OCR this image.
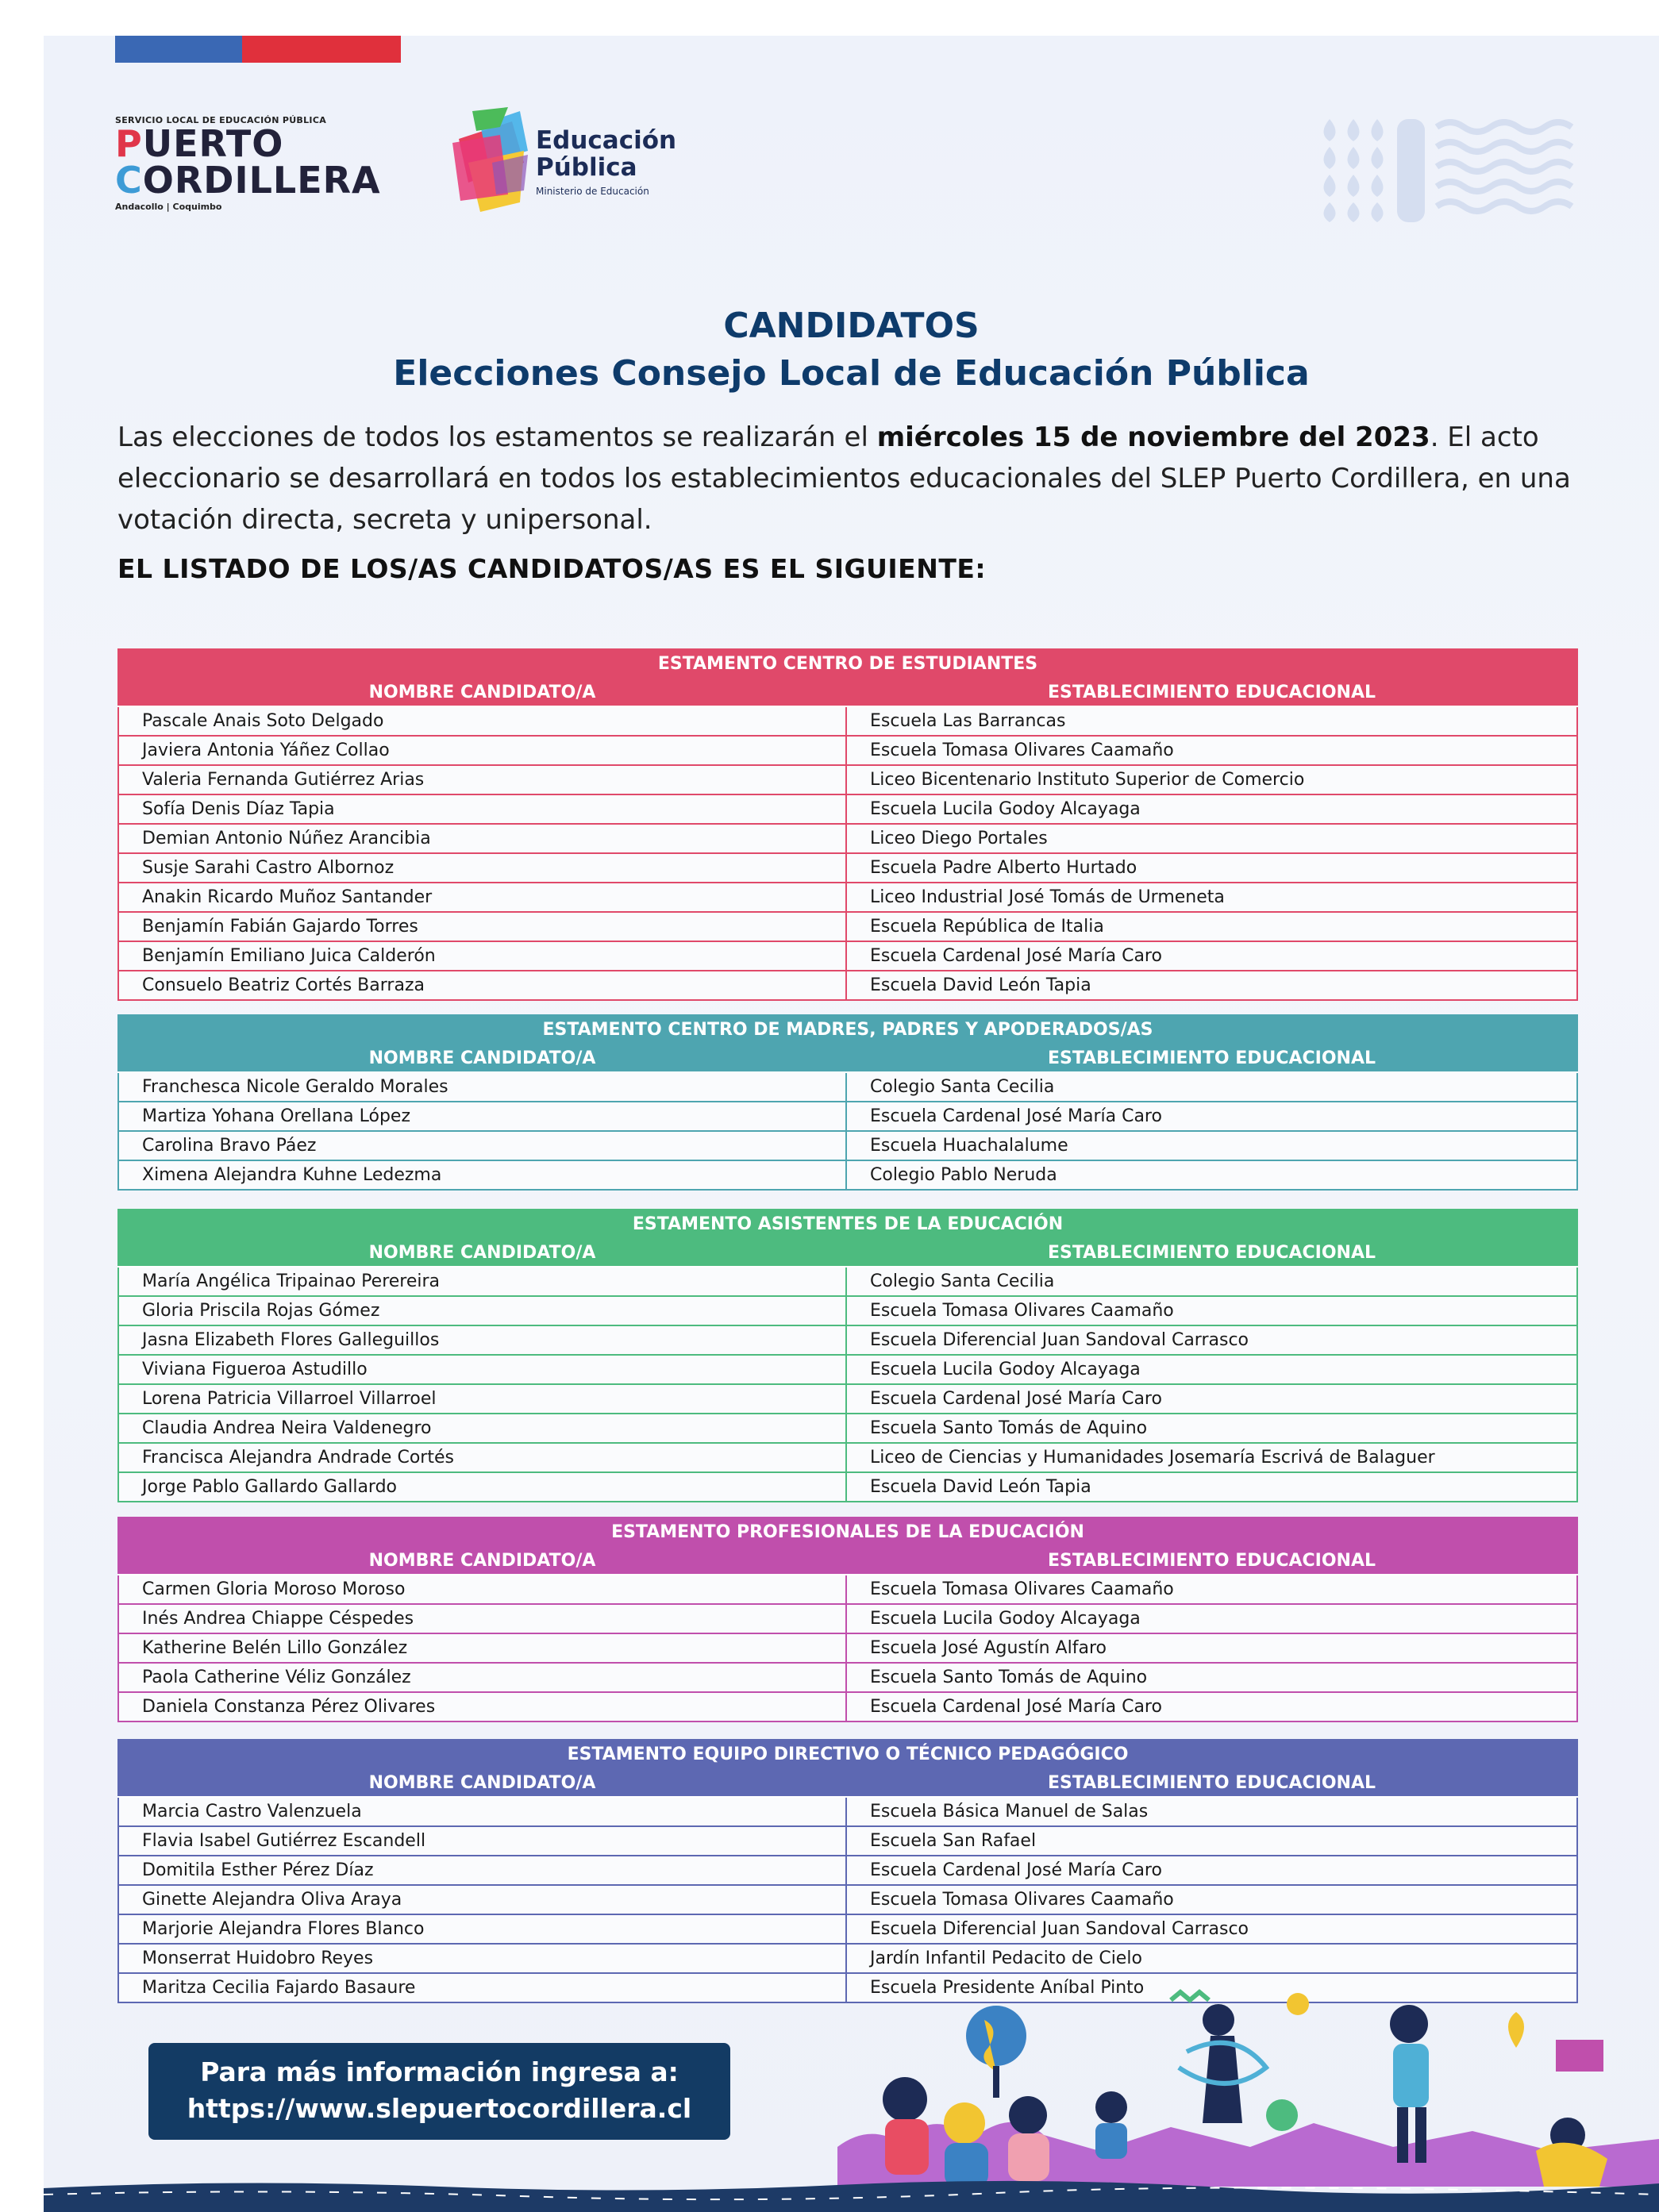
SERVICIO LOCAL DE EDUCACIÓN PÚBLICA
PUERTO
CORDILLERA
Andacollo | Coquimbo
Educación
Pública
Ministerio de Educación
CANDIDATOS
Elecciones Consejo Local de Educación Pública
Las elecciones de todos los estamentos se realizarán el miércoles 15 de noviembre del 2023. El acto eleccionario se desarrollará en todos los establecimientos educacionales del SLEP Puerto Cordillera, en una votación directa, secreta y unipersonal.
EL LISTADO DE LOS/AS CANDIDATOS/AS ES EL SIGUIENTE:
ESTAMENTO CENTRO DE ESTUDIANTES	
NOMBRE CANDIDATO/A	ESTABLECIMIENTO EDUCACIONAL
Pascale Anais Soto Delgado	Escuela Las Barrancas
Javiera Antonia Yáñez Collao	Escuela Tomasa Olivares Caamaño
Valeria Fernanda Gutiérrez Arias	Liceo Bicentenario Instituto Superior de Comercio
Sofía Denis Díaz Tapia	Escuela Lucila Godoy Alcayaga
Demian Antonio Núñez Arancibia	Liceo Diego Portales
Susje Sarahi Castro Albornoz	Escuela Padre Alberto Hurtado
Anakin Ricardo Muñoz Santander	Liceo Industrial José Tomás de Urmeneta
Benjamín Fabián Gajardo Torres	Escuela República de Italia
Benjamín Emiliano Juica Calderón	Escuela Cardenal José María Caro
Consuelo Beatriz Cortés Barraza	Escuela David León Tapia
ESTAMENTO CENTRO DE MADRES, PADRES Y APODERADOS/AS	
NOMBRE CANDIDATO/A	ESTABLECIMIENTO EDUCACIONAL
Franchesca Nicole Geraldo Morales	Colegio Santa Cecilia
Martiza Yohana Orellana López	Escuela Cardenal José María Caro
Carolina Bravo Páez	Escuela Huachalalume
Ximena Alejandra Kuhne Ledezma	Colegio Pablo Neruda
ESTAMENTO ASISTENTES DE LA EDUCACIÓN	
NOMBRE CANDIDATO/A	ESTABLECIMIENTO EDUCACIONAL
María Angélica Tripainao Perereira	Colegio Santa Cecilia
Gloria Priscila Rojas Gómez	Escuela Tomasa Olivares Caamaño
Jasna Elizabeth Flores Galleguillos	Escuela Diferencial Juan Sandoval Carrasco
Viviana Figueroa Astudillo	Escuela Lucila Godoy Alcayaga
Lorena Patricia Villarroel Villarroel	Escuela Cardenal José María Caro
Claudia Andrea Neira Valdenegro	Escuela Santo Tomás de Aquino
Francisca Alejandra Andrade Cortés	Liceo de Ciencias y Humanidades Josemaría Escrivá de Balaguer
Jorge Pablo Gallardo Gallardo	Escuela David León Tapia
ESTAMENTO PROFESIONALES DE LA EDUCACIÓN	
NOMBRE CANDIDATO/A	ESTABLECIMIENTO EDUCACIONAL
Carmen Gloria Moroso Moroso	Escuela Tomasa Olivares Caamaño
Inés Andrea Chiappe Céspedes	Escuela Lucila Godoy Alcayaga
Katherine Belén Lillo González	Escuela José Agustín Alfaro
Paola Catherine Véliz González	Escuela Santo Tomás de Aquino
Daniela Constanza Pérez Olivares	Escuela Cardenal José María Caro
ESTAMENTO EQUIPO DIRECTIVO O TÉCNICO PEDAGÓGICO	
NOMBRE CANDIDATO/A	ESTABLECIMIENTO EDUCACIONAL
Marcia Castro Valenzuela	Escuela Básica Manuel de Salas
Flavia Isabel Gutiérrez Escandell	Escuela San Rafael
Domitila Esther Pérez Díaz	Escuela Cardenal José María Caro
Ginette Alejandra Oliva Araya	Escuela Tomasa Olivares Caamaño
Marjorie Alejandra Flores Blanco	Escuela Diferencial Juan Sandoval Carrasco
Monserrat Huidobro Reyes	Jardín Infantil Pedacito de Cielo
Maritza Cecilia Fajardo Basaure	Escuela Presidente Aníbal Pinto
Para más información ingresa a:
https://www.slepuertocordillera.cl
